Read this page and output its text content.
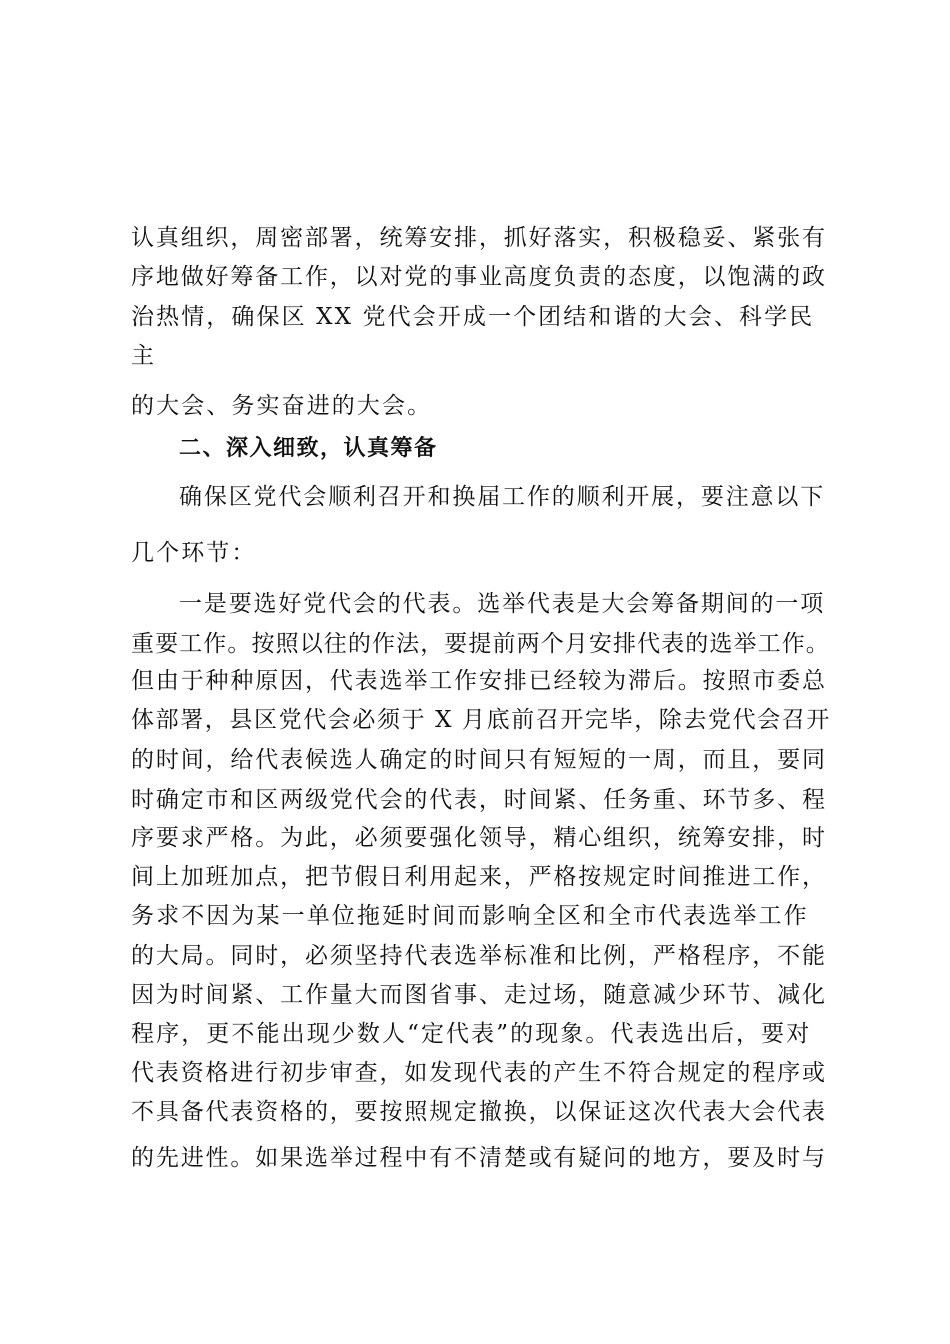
认真组织，周密部署，统筹安排，抓好落实，积极稳妥、紧张有
序地做好筹备工作，以对党的事业高度负责的态度，以饱满的政
治热情，确保区 XX 党代会开成一个团结和谐的大会、科学民
主
的大会、务实奋进的大会。
二、深入细致，认真筹备
确保区党代会顺利召开和换届工作的顺利开展，要注意以下
几个环节：
一是要选好党代会的代表。选举代表是大会筹备期间的一项
重要工作。按照以往的作法，要提前两个月安排代表的选举工作。
但由于种种原因，代表选举工作安排已经较为滞后。按照市委总
体部署，县区党代会必须于 X 月底前召开完毕，除去党代会召开
的时间，给代表候选人确定的时间只有短短的一周，而且，要同
时确定市和区两级党代会的代表，时间紧、任务重、环节多、程
序要求严格。为此，必须要强化领导，精心组织，统筹安排，时
间上加班加点，把节假日利用起来，严格按规定时间推进工作，
务求不因为某一单位拖延时间而影响全区和全市代表选举工作
的大局。同时，必须坚持代表选举标准和比例，严格程序，不能
因为时间紧、工作量大而图省事、走过场，随意减少环节、减化
程序，更不能出现少数人“定代表”的现象。代表选出后，要对
代表资格进行初步审查，如发现代表的产生不符合规定的程序或
不具备代表资格的，要按照规定撤换，以保证这次代表大会代表
的先进性。如果选举过程中有不清楚或有疑问的地方，要及时与
